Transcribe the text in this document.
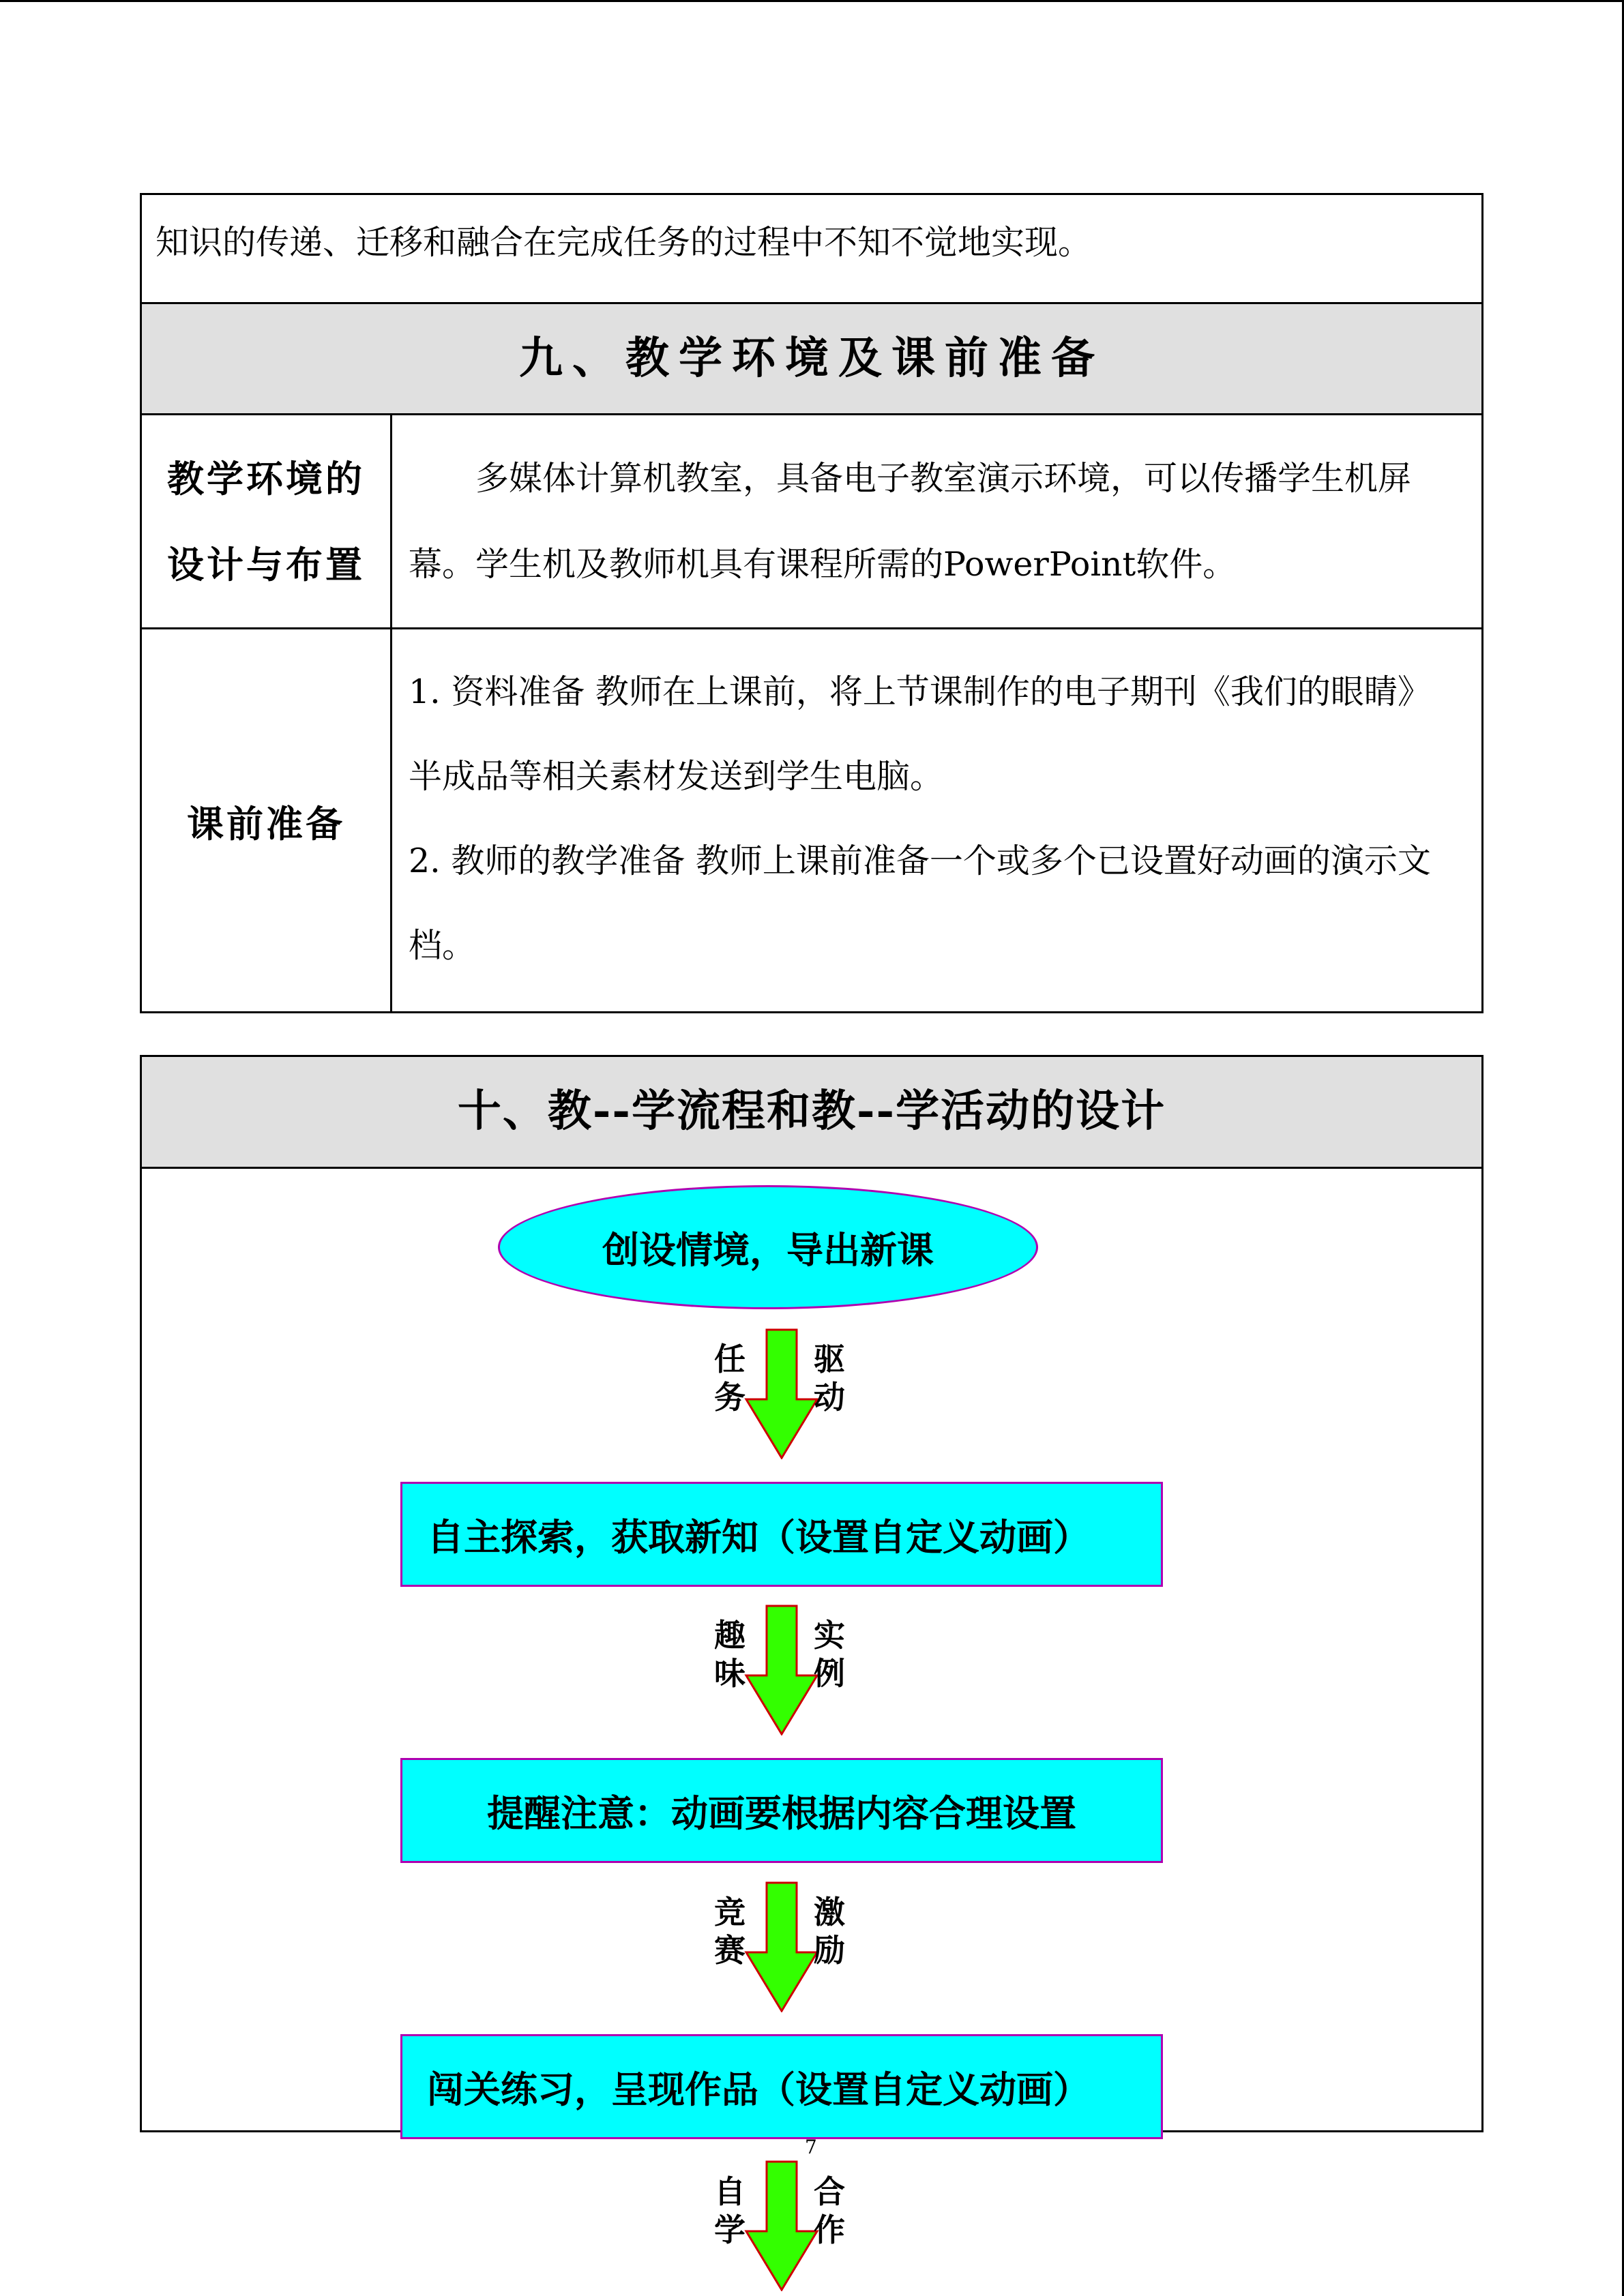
知识的传递、迁移和融合在完成任务的过程中不知不觉地实现。
九、教学环境及课前准备
教学环境的
设计与布置

多媒体计算机教室，具备电子教室演示环境，可以传播学生机屏幕。学生机及教师机具有课程所需的PowerPoint软件。

课前准备

1. 资料准备 教师在上课前，将上节课制作的电子期刊《我们的眼睛》半成品等相关素材发送到学生电脑。

2. 教师的教学准备 教师上课前准备一个或多个已设置好动画的演示文档。

十、教--学流程和教--学活动的设计
创设情境，导出新课
自主探索，获取新知（设置自定义动画）
提醒注意：动画要根据内容合理设置
闯关练习，呈现作品（设置自定义动画）
任
务
驱
动
趣
味
实
例
竞
赛
激
励
自
学
合
作
7
